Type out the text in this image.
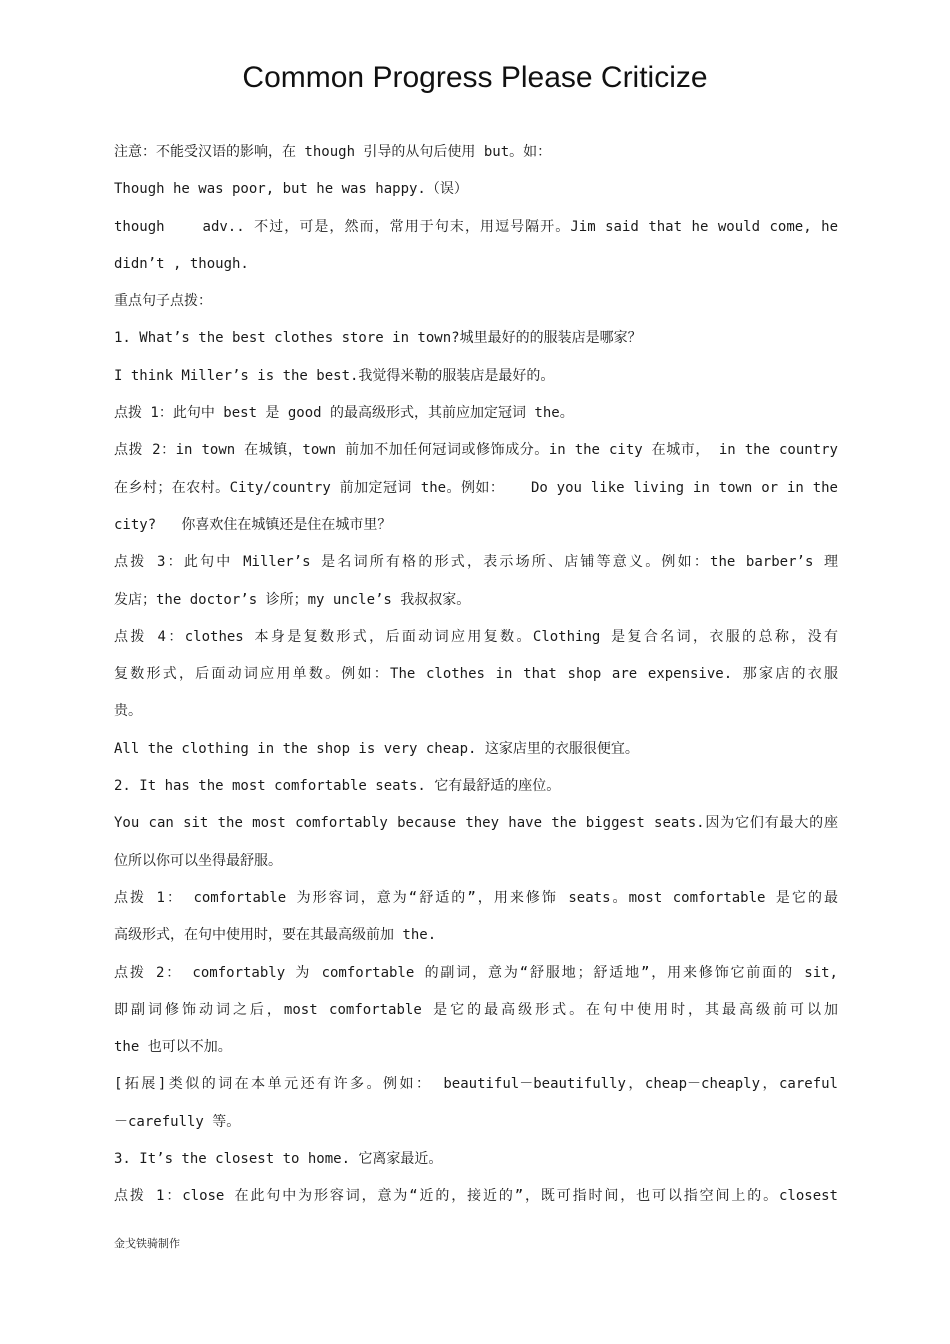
Common Progress Please Criticize
注意：不能受汉语的影响，在 though 引导的从句后使用 but。如：
Though he was poor, but he was happy.（误）
though    adv.. 不过，可是，然而，常用于句末，用逗号隔开。Jim said that he would come, he
didn’t , though.
重点句子点拨：
1. What’s the best clothes store in town?城里最好的的服装店是哪家？
I think Miller’s is the best.我觉得米勒的服装店是最好的。
点拨 1：此句中 best 是 good 的最高级形式，其前应加定冠词 the。
点拨 2：in town 在城镇，town 前加不加任何冠词或修饰成分。in the city 在城市， in the country
在乡村；在农村。City/country 前加定冠词 the。例如：   Do you like living in town or in the
city?   你喜欢住在城镇还是住在城市里？
点拨 3：此句中 Miller’s 是名词所有格的形式，表示场所、店铺等意义。例如：the barber’s 理
发店；the doctor’s 诊所；my uncle’s 我叔叔家。
点拨 4：clothes 本身是复数形式，后面动词应用复数。Clothing 是复合名词，衣服的总称，没有
复数形式，后面动词应用单数。例如：The clothes in that shop are expensive. 那家店的衣服
贵。
All the clothing in the shop is very cheap. 这家店里的衣服很便宜。
2. It has the most comfortable seats. 它有最舒适的座位。
You can sit the most comfortably because they have the biggest seats.因为它们有最大的座
位所以你可以坐得最舒服。
点拨 1： comfortable 为形容词，意为“舒适的”，用来修饰 seats。most comfortable 是它的最
高级形式，在句中使用时，要在其最高级前加 the.
点拨 2： comfortably 为 comfortable 的副词，意为“舒服地；舒适地”，用来修饰它前面的 sit,
即副词修饰动词之后，most comfortable 是它的最高级形式。在句中使用时，其最高级前可以加
the 也可以不加。
[拓展]类似的词在本单元还有许多。例如： beautiful－beautifully，cheap－cheaply，careful
－carefully 等。
3. It’s the closest to home. 它离家最近。
点拨 1：close 在此句中为形容词，意为“近的，接近的”，既可指时间，也可以指空间上的。closest
金戈铁骑制作
